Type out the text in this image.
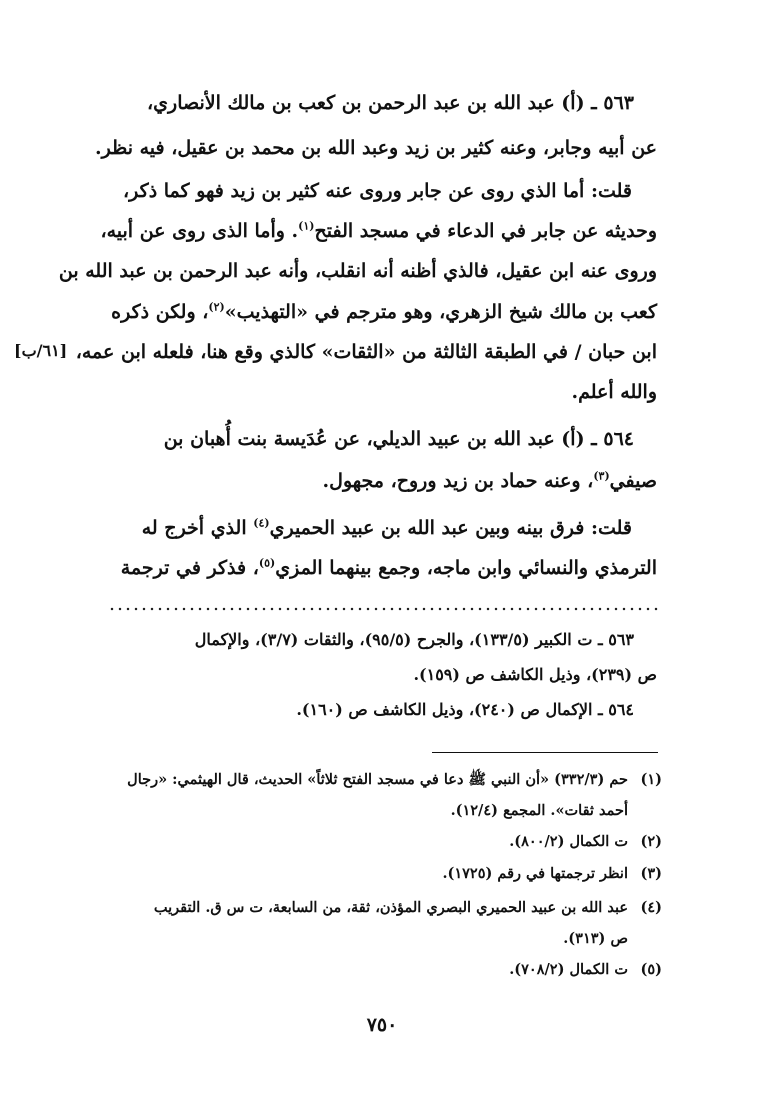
٥٦٣ ـ (أ) عبد الله بن عبد الرحمن بن كعب بن مالك الأنصاري،
عن أبيه وجابر، وعنه كثير بن زيد وعبد الله بن محمد بن عقيل، فيه نظر.
قلت: أما الذي روى عن جابر وروى عنه كثير بن زيد فهو كما ذكر،
وحديثه عن جابر في الدعاء في مسجد الفتح$^{(١)}$. وأما الذى روى عن أبيه،
وروى عنه ابن عقيل، فالذي أظنه أنه انقلب، وأنه عبد الرحمن بن عبد الله بن
كعب بن مالك شيخ الزهري، وهو مترجم في «التهذيب»$^{(٢)}$، ولكن ذكره
ابن حبان / في الطبقة الثالثة من «الثقات» كالذي وقع هنا، فلعله ابن عمه،
[٦١/ب]
والله أعلم.
٥٦٤ ـ (أ) عبد الله بن عبيد الديلي، عن عُدَيسة بنت أُهبان بن
صيفي$^{(٣)}$، وعنه حماد بن زيد وروح، مجهول.
قلت: فرق بينه وبين عبد الله بن عبيد الحميري$^{(٤)}$ الذي أخرج له
الترمذي والنسائي وابن ماجه، وجمع بينهما المزي$^{(٥)}$، فذكر في ترجمة
٥٦٣ ـ ت الكبير (١٣٣/٥)، والجرح (٩٥/٥)، والثقات (٣/٧)، والإكمال
ص (٢٣٩)، وذيل الكاشف ص (١٥٩).
٥٦٤ ـ الإكمال ص (٢٤٠)، وذيل الكاشف ص (١٦٠).
(١)
حم (٣٣٢/٣) «أن النبي ﷺ دعا في مسجد الفتح ثلاثاً» الحديث، قال الهيثمي: «رجال
أحمد ثقات». المجمع (١٢/٤).
(٢)
ت الكمال (٨٠٠/٢).
(٣)
انظر ترجمتها في رقم (١٧٢٥).
(٤)
عبد الله بن عبيد الحميري البصري المؤذن، ثقة، من السابعة، ت س ق. التقريب
ص (٣١٣).
(٥)
ت الكمال (٧٠٨/٢).
٧٥٠
